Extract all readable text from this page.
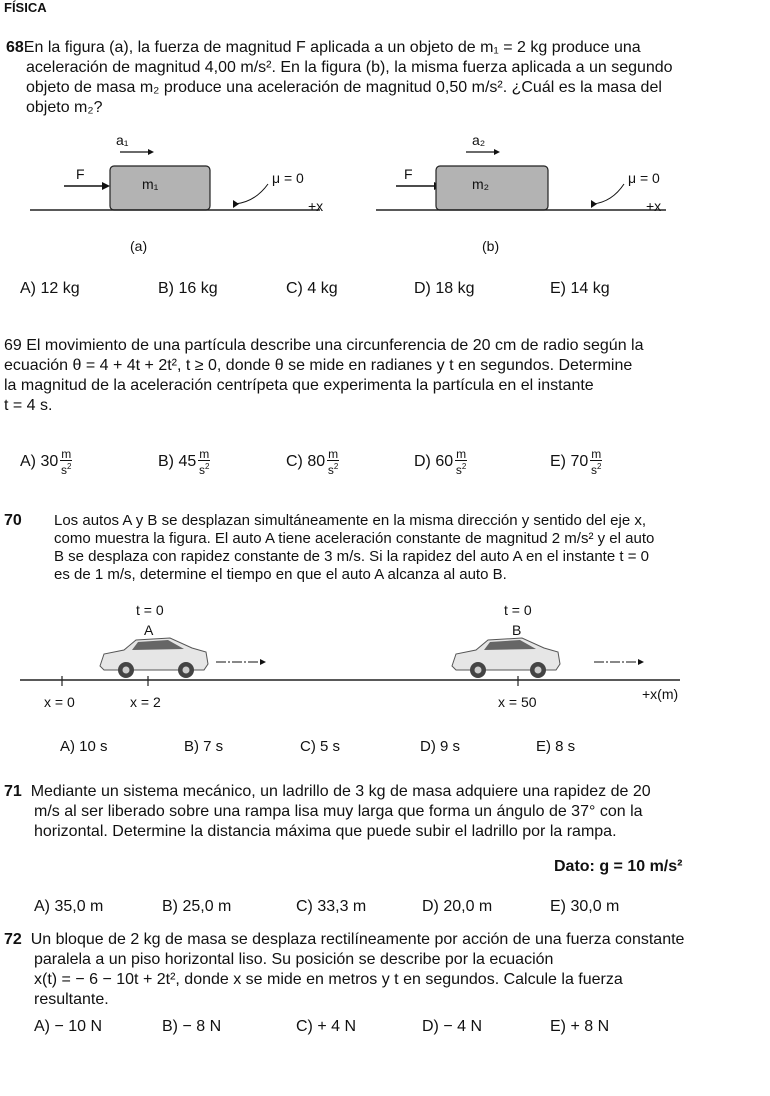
FÍSICA
68En la figura (a), la fuerza de magnitud F aplicada a un objeto de m₁ = 2 kg produce una
aceleración de magnitud 4,00 m/s². En la figura (b), la misma fuerza aplicada a un segundo
objeto de masa m₂ produce una aceleración de magnitud 0,50 m/s². ¿Cuál es la masa del
objeto m₂?
a₁
F
m₁	μ = 0
+x
(a)
a₂
F
m₂	μ = 0
+x
(b)
A) 12 kg	B) 16 kg	C) 4 kg	D) 18 kg	E) 14 kg
69 El movimiento de una partícula describe una circunferencia de 20 cm de radio según la
ecuación θ = 4 + 4t + 2t², t ≥ 0, donde θ se mide en radianes y t en segundos. Determine
la magnitud de la aceleración centrípeta que experimenta la partícula en el instante
t = 4 s.
A) $30 \frac{m}{s^2}$	B) $45 \frac{m}{s^2}$	C) $80 \frac{m}{s^2}$	D) $60 \frac{m}{s^2}$	E) $70 \frac{m}{s^2}$
70 Los autos A y B se desplazan simultáneamente en la misma dirección y sentido del eje x,
como muestra la figura. El auto A tiene aceleración constante de magnitud 2 m/s² y el auto
B se desplaza con rapidez constante de 3 m/s. Si la rapidez del auto A en el instante t = 0
es de 1 m/s, determine el tiempo en que el auto A alcanza al auto B.
t = 0
A
t = 0
B
x = 0	x = 2	x = 50	+x(m)
A) 10 s	B) 7 s	C) 5 s	D) 9 s	E) 8 s
71 Mediante un sistema mecánico, un ladrillo de 3 kg de masa adquiere una rapidez de 20
m/s al ser liberado sobre una rampa lisa muy larga que forma un ángulo de 37° con la
horizontal. Determine la distancia máxima que puede subir el ladrillo por la rampa.
Dato: g = 10 m/s²
A) 35,0 m	B) 25,0 m	C) 33,3 m	D) 20,0 m	E) 30,0 m
72 Un bloque de 2 kg de masa se desplaza rectilíneamente por acción de una fuerza constante
paralela a un piso horizontal liso. Su posición se describe por la ecuación
x(t) = − 6 − 10t + 2t², donde x se mide en metros y t en segundos. Calcule la fuerza
resultante.
A) − 10 N	B) − 8 N	C) + 4 N	D) − 4 N	E) + 8 N
